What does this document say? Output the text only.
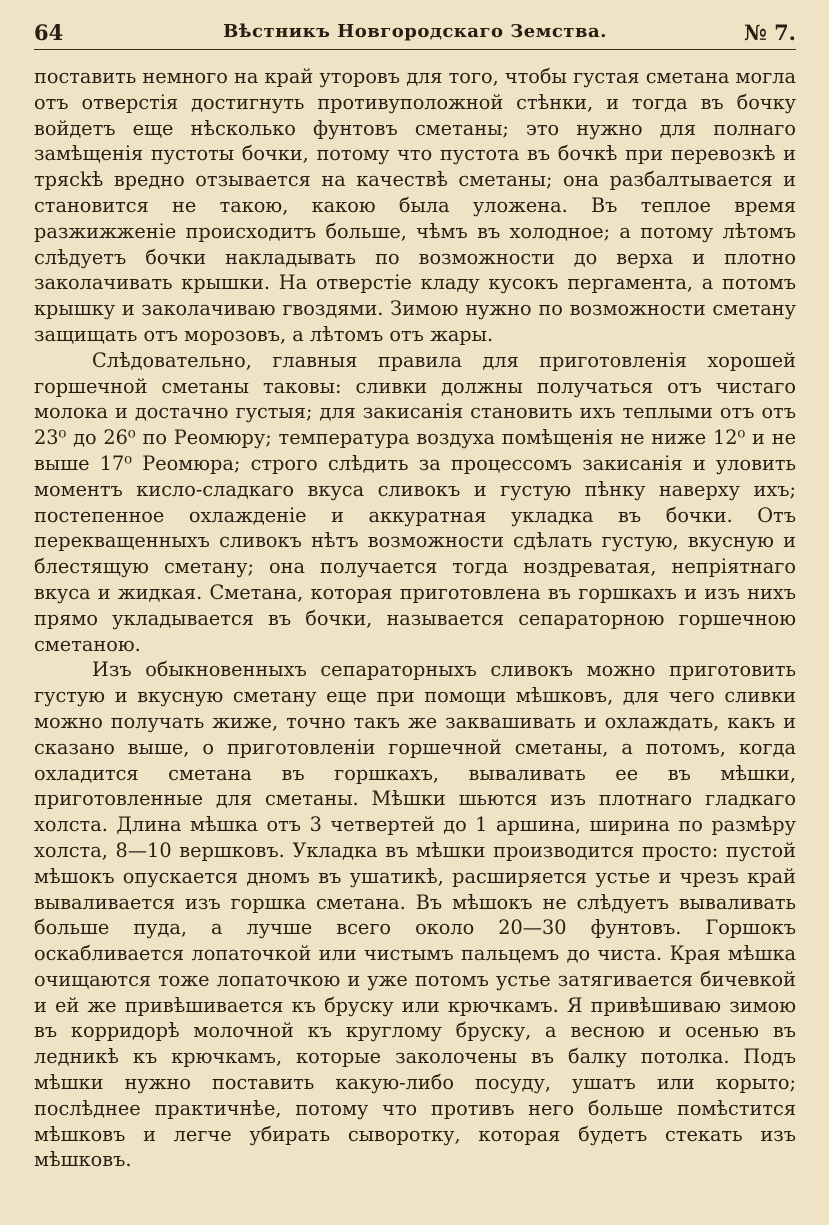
64	Вѣстникъ Новгородскаго Земства.	№ 7.

поставить немного на край уторовъ для того, чтобы густая сметана могла отъ отверстія достигнуть противуположной стѣнки, и тогда въ бочку войдетъ еще нѣсколько фунтовъ сметаны; это нужно для полнаго замѣщенія пустоты бочки, потому что пустота въ бочкѣ при перевозкѣ и трясkѣ вредно отзывается на качествѣ сметаны; она разбалтывается и становится не такою, какою была уложена. Въ теплое время разжижженіе происходитъ больше, чѣмъ въ холодное; а потому лѣтомъ слѣдуетъ бочки накладывать по возможности до верха и плотно заколачивать крышки. На отверстіе кладу кусокъ пергамента, а потомъ крышку и заколачиваю гвоздями. Зимою нужно по возможности сметану защищать отъ морозовъ, а лѣтомъ отъ жары.

Слѣдовательно, главныя правила для приготовленія хорошей горшечной сметаны таковы: сливки должны получаться отъ чистаго молока и достачно густыя; для закисанія становить ихъ теплыми отъ отъ 23⁰ до 26⁰ по Реомюру; температура воздуха помѣщенія не ниже 12⁰ и не выше 17⁰ Реомюра; строго слѣдить за процессомъ закисанія и уловить моментъ кисло-сладкаго вкуса сливокъ и густую пѣнку наверху ихъ; постепенное охлажденіе и аккуратная укладка въ бочки. Отъ перекващенныхъ сливокъ нѣтъ возможности сдѣлать густую, вкусную и блестящую сметану; она получается тогда ноздреватая, непріятнаго вкуса и жидкая. Сметана, которая приготовлена въ горшкахъ и изъ нихъ прямо укладывается въ бочки, называется сепараторною горшечною сметаною.

Изъ обыкновенныхъ сепараторныхъ сливокъ можно приготовить густую и вкусную сметану еще при помощи мѣшковъ, для чего сливки можно получать жиже, точно такъ же заквашивать и охлаждать, какъ и сказано выше, о приготовленіи горшечной сметаны, а потомъ, когда охладится сметана въ горшкахъ, вываливать ее въ мѣшки, приготовленные для сметаны. Мѣшки шьются изъ плотнаго гладкаго холста. Длина мѣшка отъ 3 четвертей до 1 аршина, ширина по размѣру холста, 8—10 вершковъ. Укладка въ мѣшки производится просто: пустой мѣшокъ опускается дномъ въ ушатикѣ, расширяется устье и чрезъ край вываливается изъ горшка сметана. Въ мѣшокъ не слѣдуетъ вываливать больше пуда, а лучше всего около 20—30 фунтовъ. Горшокъ оскабливается лопаточкой или чистымъ пальцемъ до чиста. Края мѣшка очищаются тоже лопаточкою и уже потомъ устье затягивается бичевкой и ей же привѣшивается къ бруску или крючкамъ. Я привѣшиваю зимою въ корридорѣ молочной къ круглому бруску, а весною и осенью въ ледникѣ къ крючкамъ, которые заколочены въ балку потолка. Подъ мѣшки нужно поставить какую-либо посуду, ушатъ или корыто; послѣднее практичнѣе, потому что противъ него больше помѣстится мѣшковъ и легче убирать сыворотку, которая будетъ стекать изъ мѣшковъ.
